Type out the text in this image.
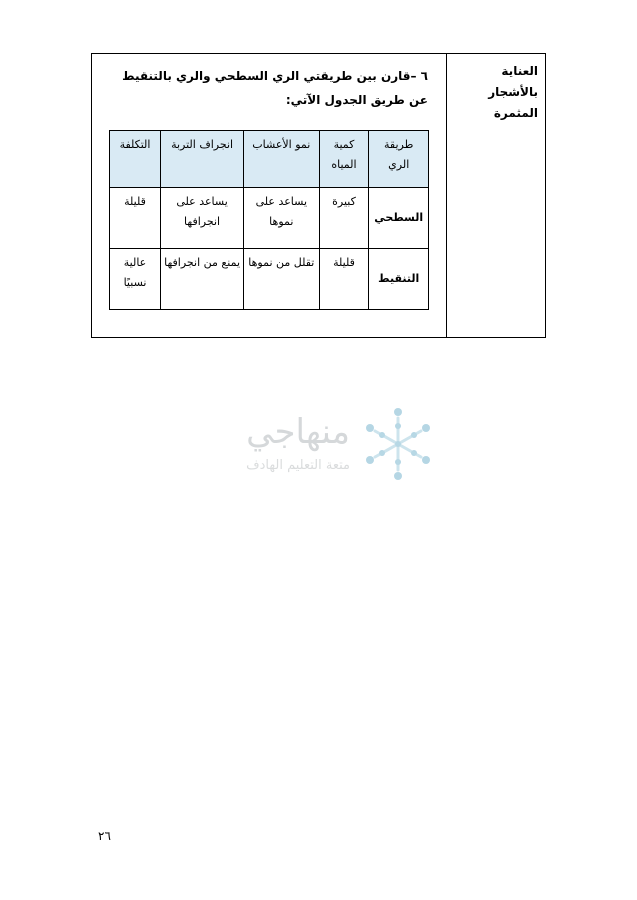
العناية بالأشجار المثمرة
٦ –قارن بين طريقتي الري السطحي والري بالتنقيط عن طريق الجدول الآتي:
طريقة الري	كمية المياه	نمو الأعشاب	انجراف التربة	التكلفة
السطحي	كبيرة	يساعد على نموها	يساعد على انجرافها	قليلة
التنقيط	قليلة	تقلل من نموها	يمنع من انجرافها	عالية نسبيًا
منهاجي
متعة التعليم الهادف
٢٦
